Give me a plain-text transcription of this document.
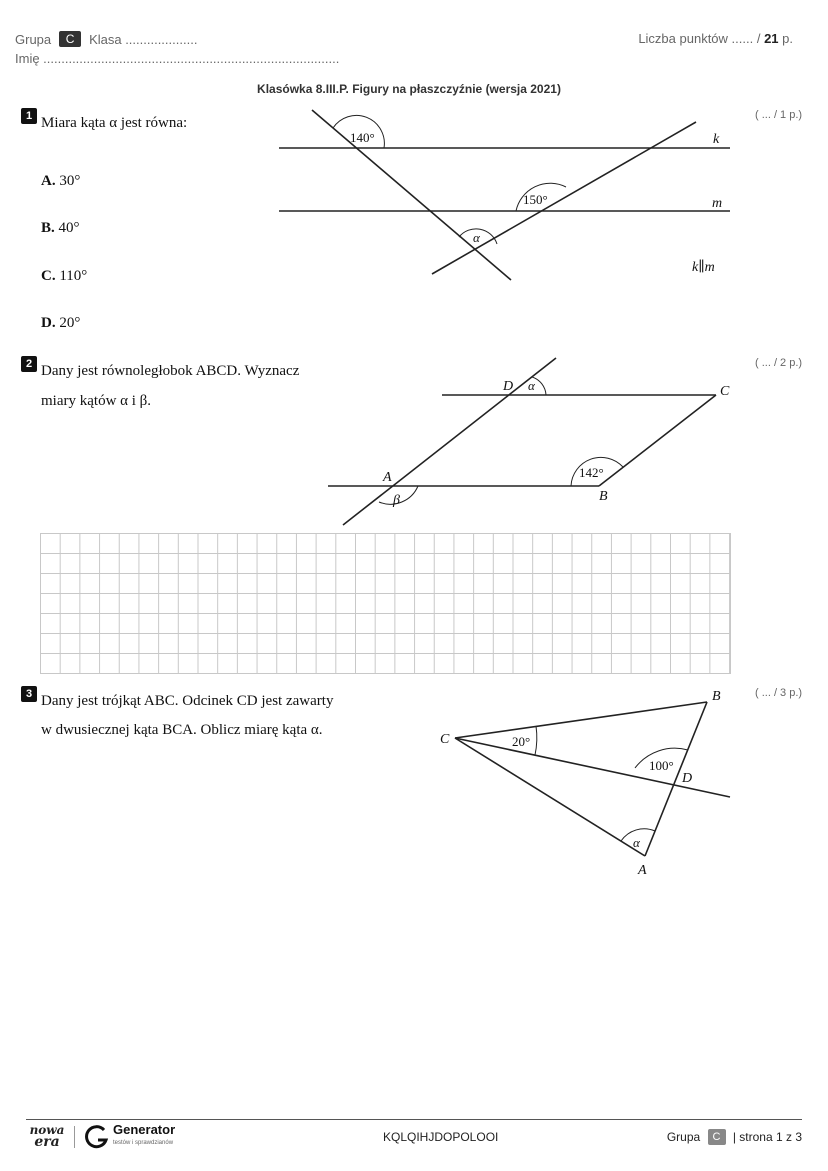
Grupa C Klasa ....................
Imię ..................................................................................
Liczba punktów ...... / 21 p.
Klasówka 8.III.P. Figury na płaszczyźnie (wersja 2021)
1 Miara kąta α jest równa:	( ... / 1 p.)
A. 30°
B. 40°
C. 110°
D. 20°
140°
150°
α
k
m
k∥m
2 Dany jest równoległobok ABCD. Wyznacz
miary kątów α i β.
( ... / 2 p.)
D α	C
A
β
142°
B
3 Dany jest trójkąt ABC. Odcinek CD jest zawarty
w dwusiecznej kąta BCA. Oblicz miarę kąta α.
( ... / 3 p.)
C
B
D
A
20°
100°
α
nowa
era
Generator
testów i sprawdzianów	KQLQIHJDOPOLOOI	Grupa C | strona 1 z 3
